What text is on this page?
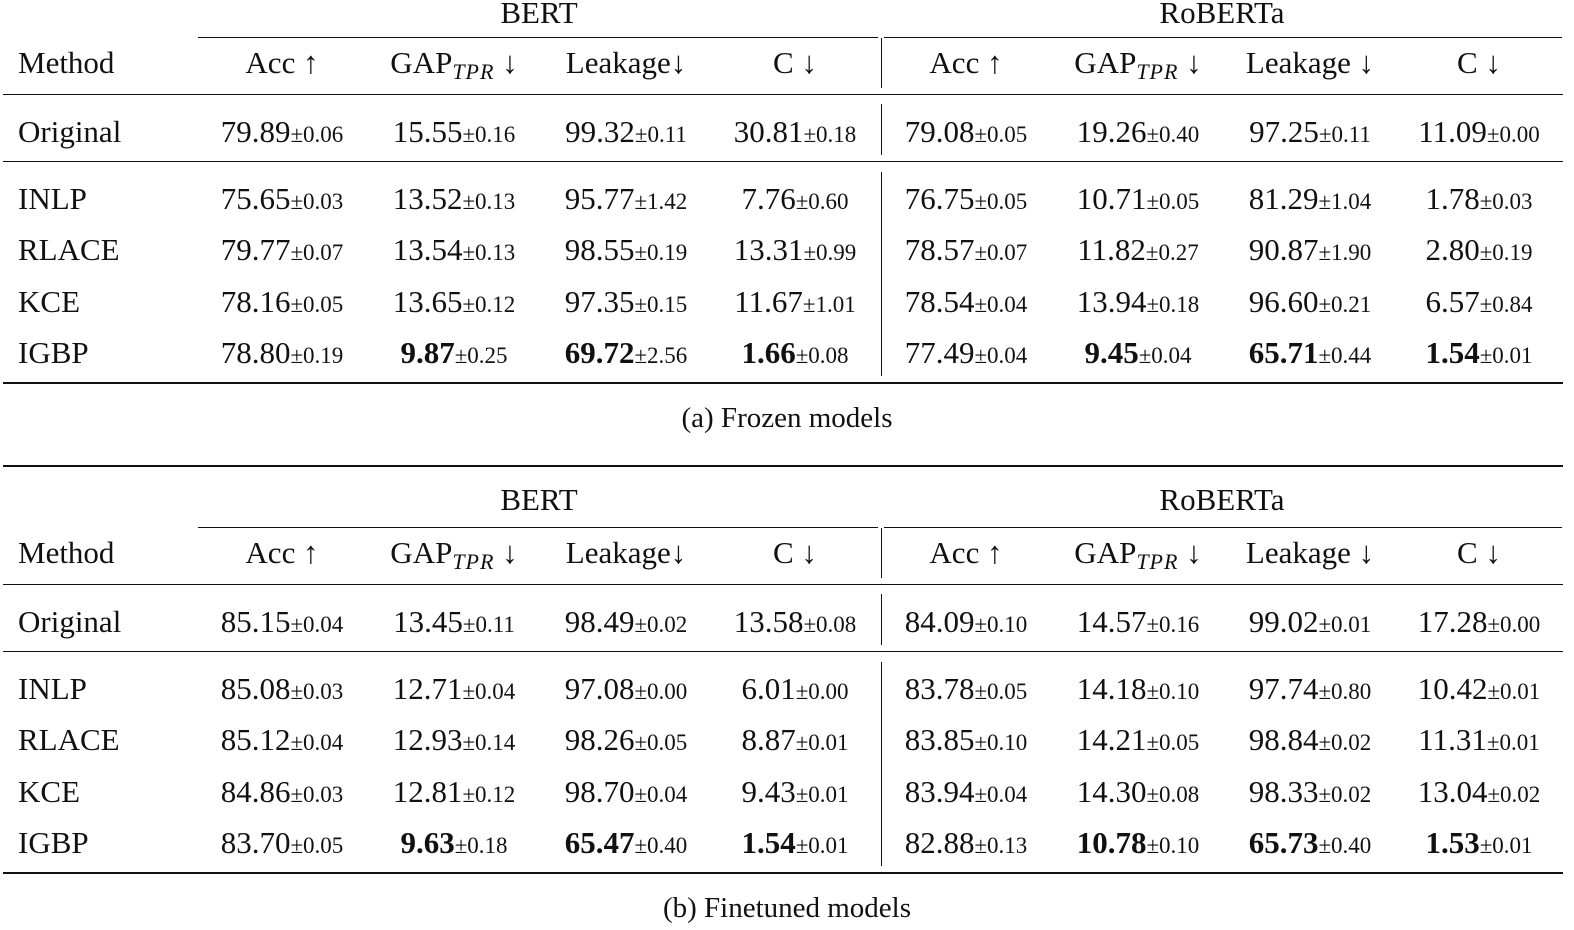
BERT	RoBERTa
Method	Acc ↑ GAPTPR ↓ Leakage↓	C ↓	Acc ↑ GAPTPR ↓ Leakage ↓	C ↓
Original	79.89±0.06 15.55±0.16 99.32±0.11 30.81±0.18 79.08±0.05 19.26±0.40 97.25±0.11 11.09±0.00
INLP	75.65±0.03 13.52±0.13 95.77±1.42 7.76±0.60 76.75±0.05 10.71±0.05 81.29±1.04 1.78±0.03
RLACE	79.77±0.07 13.54±0.13 98.55±0.19 13.31±0.99 78.57±0.07 11.82±0.27 90.87±1.90 2.80±0.19
KCE	78.16±0.05 13.65±0.12 97.35±0.15 11.67±1.01 78.54±0.04 13.94±0.18 96.60±0.21 6.57±0.84
IGBP	78.80±0.19 9.87±0.25 69.72±2.56 1.66±0.08 77.49±0.04 9.45±0.04 65.71±0.44 1.54±0.01
(a) Frozen models
BERT	RoBERTa
Method	Acc ↑ GAPTPR ↓ Leakage↓	C ↓	Acc ↑ GAPTPR ↓ Leakage ↓	C ↓
Original	85.15±0.04 13.45±0.11 98.49±0.02 13.58±0.08 84.09±0.10 14.57±0.16 99.02±0.01 17.28±0.00
INLP	85.08±0.03 12.71±0.04 97.08±0.00 6.01±0.00 83.78±0.05 14.18±0.10 97.74±0.80 10.42±0.01
RLACE	85.12±0.04 12.93±0.14 98.26±0.05 8.87±0.01 83.85±0.10 14.21±0.05 98.84±0.02 11.31±0.01
KCE	84.86±0.03 12.81±0.12 98.70±0.04 9.43±0.01 83.94±0.04 14.30±0.08 98.33±0.02 13.04±0.02
IGBP	83.70±0.05 9.63±0.18 65.47±0.40 1.54±0.01 82.88±0.13 10.78±0.10 65.73±0.40 1.53±0.01
(b) Finetuned models
